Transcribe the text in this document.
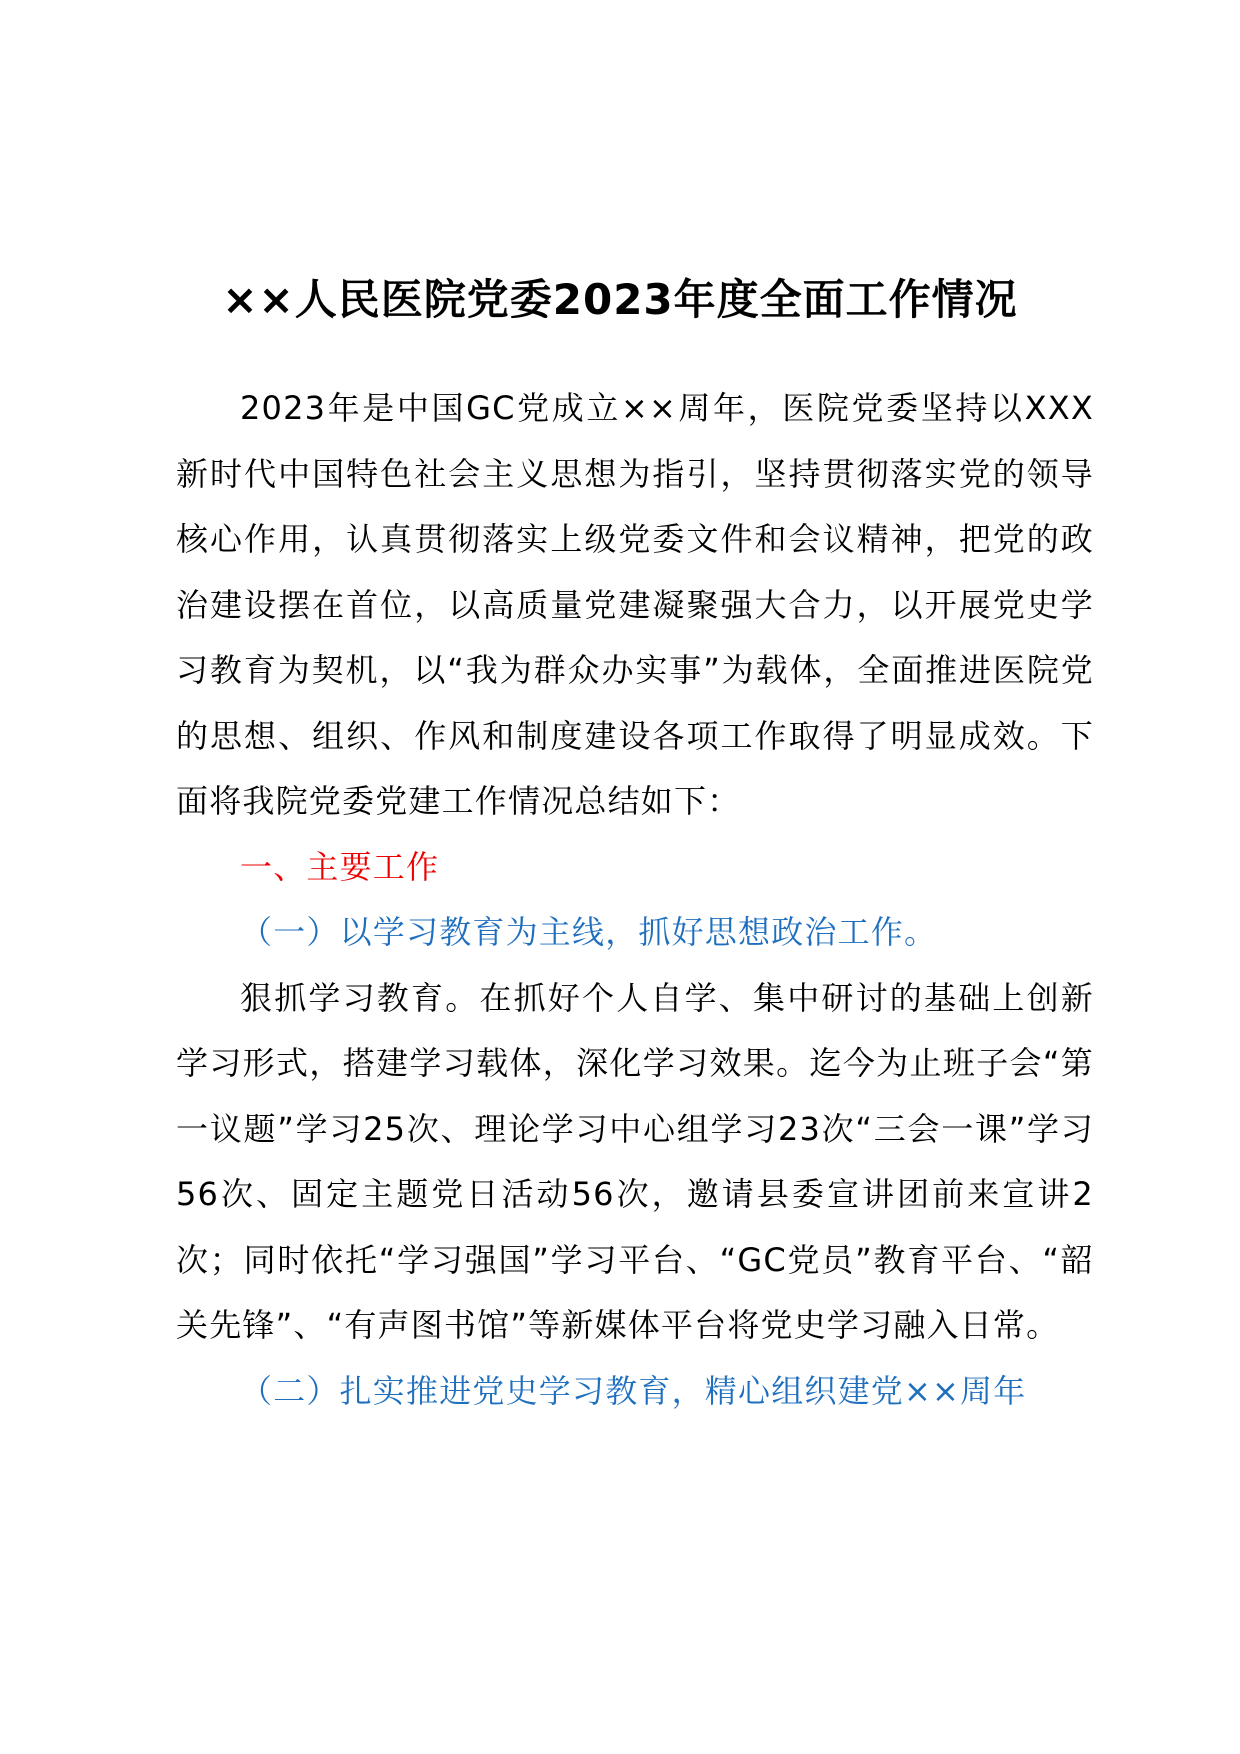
××人民医院党委2023年度全面工作情况

2023年是中国GC党成立××周年，医院党委坚持以XXX新时代中国特色社会主义思想为指引，坚持贯彻落实党的领导核心作用，认真贯彻落实上级党委文件和会议精神，把党的政治建设摆在首位，以高质量党建凝聚强大合力，以开展党史学习教育为契机，以“我为群众办实事”为载体，全面推进医院党的思想、组织、作风和制度建设各项工作取得了明显成效。下面将我院党委党建工作情况总结如下：

一、主要工作

（一）以学习教育为主线，抓好思想政治工作。

狠抓学习教育。在抓好个人自学、集中研讨的基础上创新学习形式，搭建学习载体，深化学习效果。迄今为止班子会“第一议题”学习25次、理论学习中心组学习23次“三会一课”学习56次、固定主题党日活动56次，邀请县委宣讲团前来宣讲2次；同时依托“学习强国”学习平台、“GC党员”教育平台、“韶关先锋”、“有声图书馆”等新媒体平台将党史学习融入日常。

（二）扎实推进党史学习教育，精心组织建党××周年
